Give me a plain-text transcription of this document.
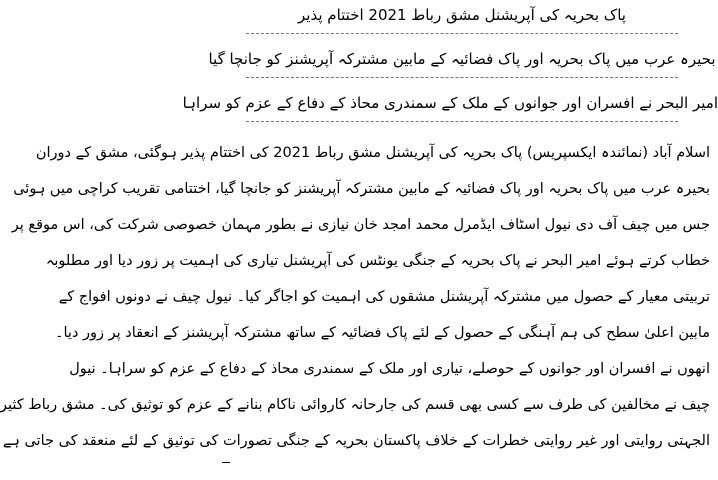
پاک بحریہ کی آپریشنل مشق رباط 2021 اختتام پذیر
بحیرہ عرب میں پاک بحریہ اور پاک فضائیہ کے مابین مشترکہ آپریشنز کو جانچا گیا
امیر البحر نے افسران اور جوانوں کے ملک کے سمندری محاذ کے دفاع کے عزم کو سراہا
اسلام آباد (نمائندہ ایکسپریس) پاک بحریہ کی آپریشنل مشق رباط 2021 کی اختتام پذیر ہوگئی، مشق کے دوران
بحیرہ عرب میں پاک بحریہ اور پاک فضائیہ کے مابین مشترکہ آپریشنز کو جانچا گیا، اختتامی تقریب کراچی میں ہوئی
جس میں چیف آف دی نیول اسٹاف ایڈمرل محمد امجد خان نیازی نے بطور مہمان خصوصی شرکت کی، اس موقع پر
خطاب کرتے ہوئے امیر البحر نے پاک بحریہ کے جنگی یونٹس کی آپریشنل تیاری کی اہمیت پر زور دیا اور مطلوبہ
تربیتی معیار کے حصول میں مشترکہ آپریشنل مشقوں کی اہمیت کو اجاگر کیا۔ نیول چیف نے دونوں افواج کے
مابین اعلیٰ سطح کی ہم آہنگی کے حصول کے لئے پاک فضائیہ کے ساتھ مشترکہ آپریشنز کے انعقاد پر زور دیا۔
انھوں نے افسران اور جوانوں کے حوصلے، تیاری اور ملک کے سمندری محاذ کے دفاع کے عزم کو سراہا۔ نیول
چیف نے مخالفین کی طرف سے کسی بھی قسم کی جارحانہ کاروائی ناکام بنانے کے عزم کو توثیق کی۔ مشق رباط کثیر
الجہتی روایتی اور غیر روایتی خطرات کے خلاف پاکستان بحریہ کے جنگی تصورات کی توثیق کے لئے منعقد کی جاتی ہے
